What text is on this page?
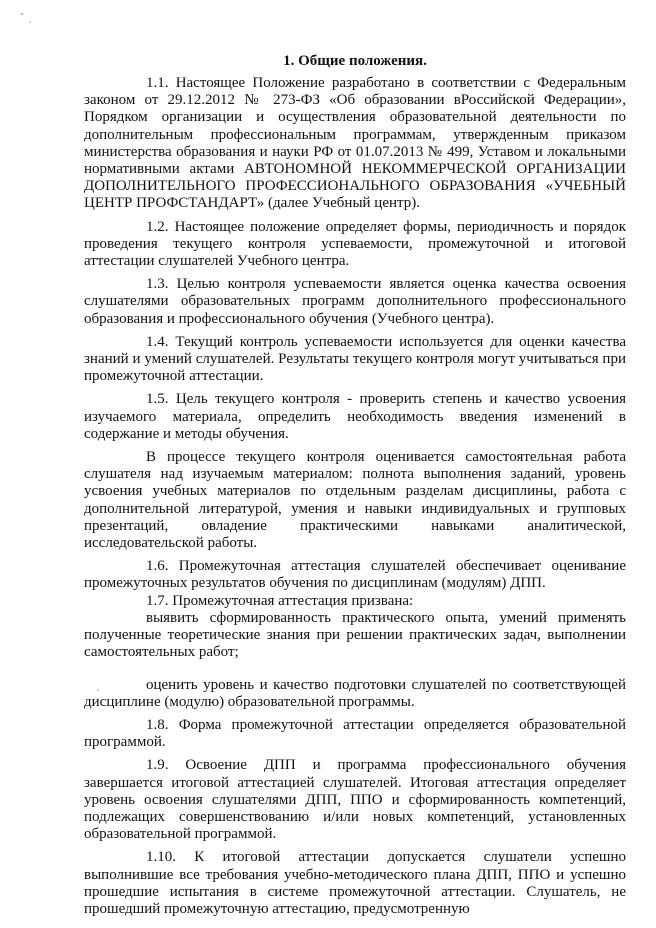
1. Общие положения.

1.1. Настоящее Положение разработано в соответствии с Федеральным законом от 29.12.2012 № 273-ФЗ «Об образовании вРоссийской Федерации», Порядком организации и осуществления образовательной деятельности по дополнительным профессиональным программам, утвержденным приказом министерства образования и науки РФ от 01.07.2013 № 499, Уставом и локальными нормативными актами АВТОНОМНОЙ НЕКОММЕРЧЕСКОЙ ОРГАНИЗАЦИИ ДОПОЛНИТЕЛЬНОГО ПРОФЕССИОНАЛЬНОГО ОБРАЗОВАНИЯ «УЧЕБНЫЙ ЦЕНТР ПРОФСТАНДАРТ» (далее Учебный центр).

1.2. Настоящее положение определяет формы, периодичность и порядок проведения текущего контроля успеваемости, промежуточной и итоговой аттестации слушателей Учебного центра.

1.3. Целью контроля успеваемости является оценка качества освоения слушателями образовательных программ дополнительного профессионального образования и профессионального обучения (Учебного центра).

1.4. Текущий контроль успеваемости используется для оценки качества знаний и умений слушателей. Результаты текущего контроля могут учитываться при промежуточной аттестации.

1.5. Цель текущего контроля - проверить степень и качество усвоения изучаемого материала, определить необходимость введения изменений в содержание и методы обучения.

В процессе текущего контроля оценивается самостоятельная работа слушателя над изучаемым материалом: полнота выполнения заданий, уровень усвоения учебных материалов по отдельным разделам дисциплины, работа с дополнительной литературой, умения и навыки индивидуальных и групповых презентаций, овладение практическими навыками аналитической, исследовательской работы.

1.6. Промежуточная аттестация слушателей обеспечивает оценивание промежуточных результатов обучения по дисциплинам (модулям) ДПП.

1.7. Промежуточная аттестация призвана:

выявить сформированность практического опыта, умений применять полученные теоретические знания при решении практических задач, выполнении самостоятельных работ;

оценить уровень и качество подготовки слушателей по соответствующей дисциплине (модулю) образовательной программы.

1.8. Форма промежуточной аттестации определяется образовательной программой.

1.9. Освоение ДПП и программа профессионального обучения завершается итоговой аттестацией слушателей. Итоговая аттестация определяет уровень освоения слушателями ДПП, ППО и сформированность компетенций, подлежащих совершенствованию и/или новых компетенций, установленных образовательной программой.

1.10. К итоговой аттестации допускается слушатели успешно выполнившие все требования учебно-методического плана ДПП, ППО и успешно прошедшие испытания в системе промежуточной аттестации. Слушатель, не прошедший промежуточную аттестацию, предусмотренную
